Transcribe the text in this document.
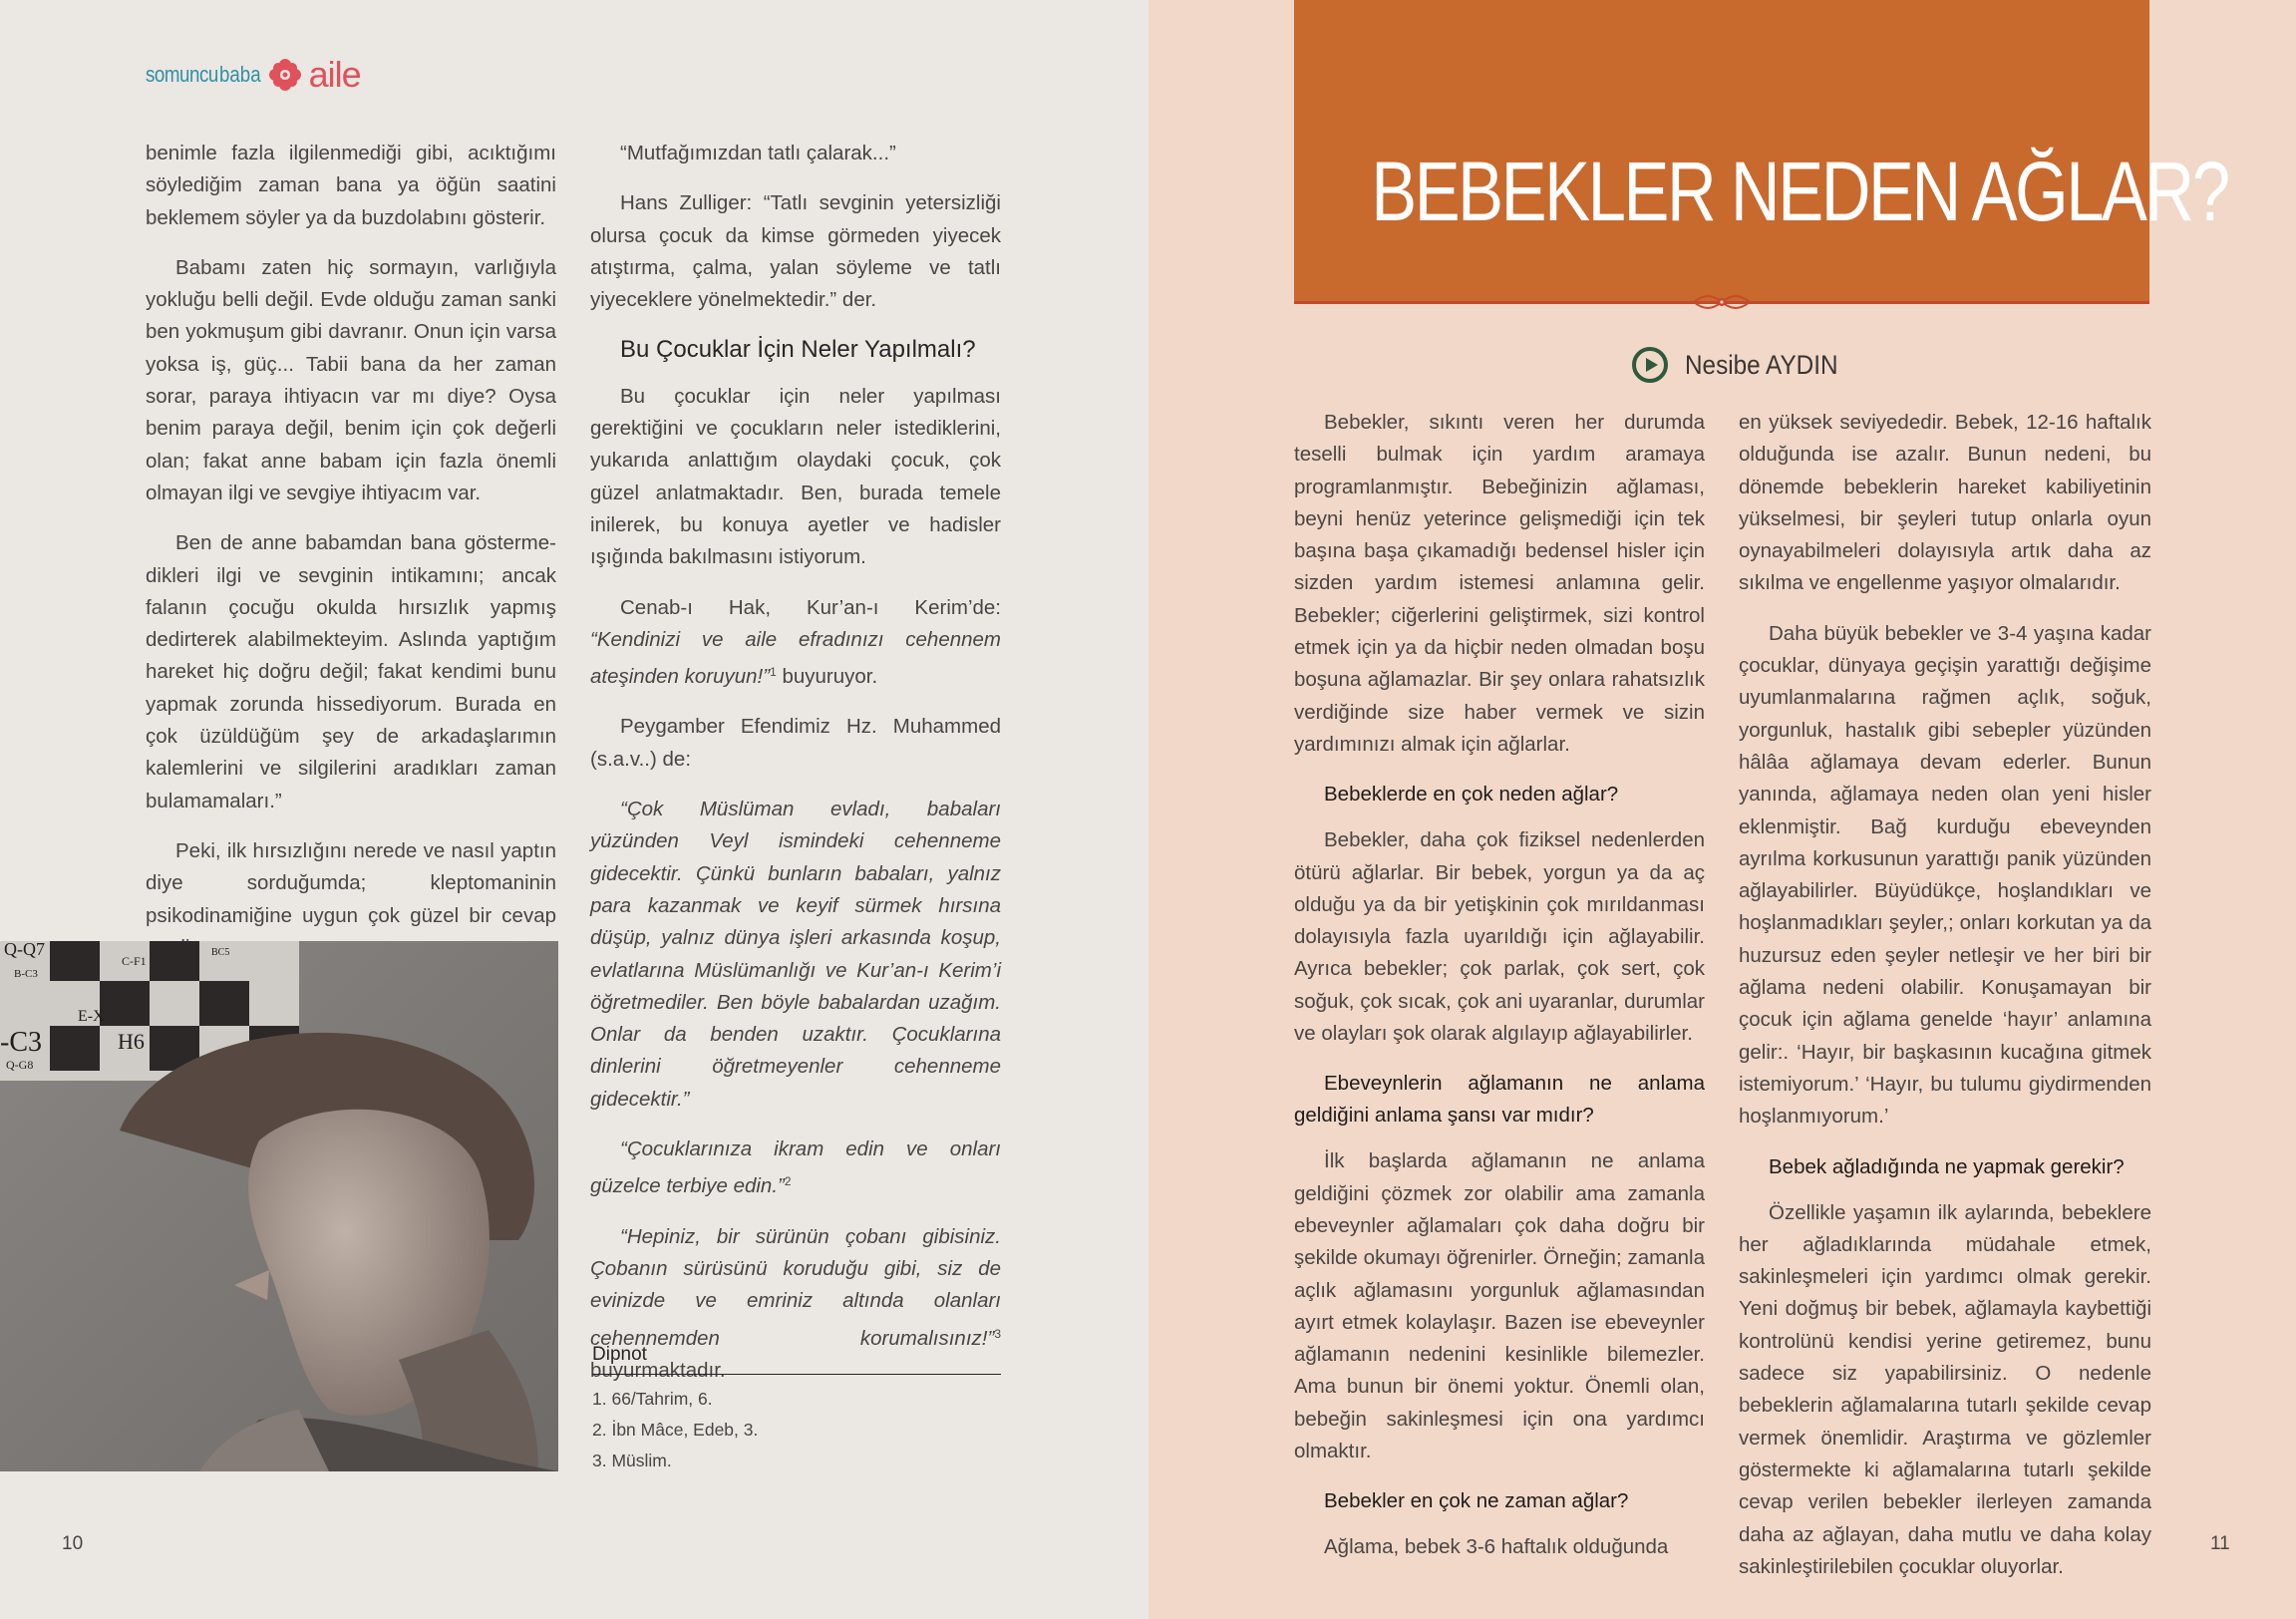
somuncubaba aile

benimle fazla ilgilenmediği gibi, acıktığımı söylediğim zaman bana ya öğün saatini beklemem söyler ya da buzdolabını gösterir.

Babamı zaten hiç sormayın, varlığıyla yokluğu belli değil. Evde olduğu zaman sanki ben yokmuşum gibi davranır. Onun için varsa yoksa iş, güç... Tabii bana da her zaman sorar, paraya ihtiyacın var mı diye? Oysa benim paraya değil, benim için çok değerli olan; fakat anne babam için fazla önemli olmayan ilgi ve sevgiye ihtiyacım var.

Ben de anne babamdan bana göstermedikleri ilgi ve sevginin intikamını; ancak falanın çocuğu okulda hırsızlık yapmış dedirterek alabilmekteyim. Aslında yaptığım hareket hiç doğru değil; fakat kendimi bunu yapmak zorunda hissediyorum. Burada en çok üzüldüğüm şey de arkadaşlarımın kalemlerini ve silgilerini aradıkları zaman bulamamaları.”

Peki, ilk hırsızlığını nerede ve nasıl yaptın diye sorduğumda; kleptomaninin psikodinamiğine uygun çok güzel bir cevap

Q-Q7
B-C3
C-F1
E-X
H6
-C3
Q-G8
BC5

“Mutfağımızdan tatlı çalarak...”

Hans Zulliger: “Tatlı sevginin yetersizliği olursa çocuk da kimse görmeden yiyecek atıştırma, çalma, yalan söyleme ve tatlı yiyeceklere yönelmektedir.” der.

Bu Çocuklar İçin Neler Yapılmalı?

Bu çocuklar için neler yapılması gerektiğini ve çocukların neler istediklerini, yukarıda anlattığım olaydaki çocuk, çok güzel anlatmaktadır. Ben, burada temele inilerek, bu konuya ayetler ve hadisler ışığında bakılmasını istiyorum.

Cenab-ı Hak, Kur’an-ı Kerim’de: “Kendinizi ve aile efradınızı cehennem ateşinden koruyun!”$^1$ buyuruyor.

Peygamber Efendimiz Hz. Muhammed (s.a.v..) de:

“Çok Müslüman evladı, babaları yüzünden Veyl ismindeki cehenneme gidecektir. Çünkü bunların babaları, yalnız para kazanmak ve keyif sürmek hırsına düşüp, yalnız dünya işleri arkasında koşup, evlatlarına Müslümanlığı ve Kur’an-ı Kerim’i öğretmediler. Ben böyle babalardan uzağım. Onlar da benden uzaktır. Çocuklarına dinlerini öğretmeyenler cehenneme gidecektir.”

“Çocuklarınıza ikram edin ve onları güzelce terbiye edin.”$^2$

“Hepiniz, bir sürünün çobanı gibisiniz. Çobanın sürüsünü koruduğu gibi, siz de evinizde ve emriniz altında olanları cehennemden korumalısınız!”$^3$ buyurmaktadır.

Dipnot
1. 66/Tahrim, 6.
2. İbn Mâce, Edeb, 3.
3. Müslim.
10
BEBEKLER NEDEN AĞLAR?
Nesibe AYDIN

Bebekler, sıkıntı veren her durumda teselli bulmak için yardım aramaya programlanmıştır. Bebeğinizin ağlaması, beyni henüz yeterince gelişmediği için tek başına başa çıkamadığı bedensel hisler için sizden yardım istemesi anlamına gelir. Bebekler; ciğerlerini geliştirmek, sizi kontrol etmek için ya da hiçbir neden olmadan boşu boşuna ağlamazlar. Bir şey onlara rahatsızlık verdiğinde size haber vermek ve sizin yardımınızı almak için ağlarlar.

Bebeklerde en çok neden ağlar?

Bebekler, daha çok fiziksel nedenlerden ötürü ağlarlar. Bir bebek, yorgun ya da aç olduğu ya da bir yetişkinin çok mırıldanması dolayısıyla fazla uyarıldığı için ağlayabilir. Ayrıca bebekler; çok parlak, çok sert, çok soğuk, çok sıcak, çok ani uyaranlar, durumlar ve olayları şok olarak algılayıp ağlayabilirler.

Ebeveynlerin ağlamanın ne anlama geldiğini anlama şansı var mıdır?

İlk başlarda ağlamanın ne anlama geldiğini çözmek zor olabilir ama zamanla ebeveynler ağlamaları çok daha doğru bir şekilde okumayı öğrenirler. Örneğin; zamanla açlık ağlamasını yorgunluk ağlamasından ayırt etmek kolaylaşır. Bazen ise ebeveynler ağlamanın nedenini kesinlikle bilemezler. Ama bunun bir önemi yoktur. Önemli olan, bebeğin sakinleşmesi için ona yardımcı olmaktır.

Bebekler en çok ne zaman ağlar?

Ağlama, bebek 3-6 haftalık olduğunda

en yüksek seviyededir. Bebek, 12-16 haftalık olduğunda ise azalır. Bunun nedeni, bu dönemde bebeklerin hareket kabiliyetinin yükselmesi, bir şeyleri tutup onlarla oyun oynayabilmeleri dolayısıyla artık daha az sıkılma ve engellenme yaşıyor olmalarıdır.

Daha büyük bebekler ve 3-4 yaşına kadar çocuklar, dünyaya geçişin yarattığı değişime uyumlanmalarına rağmen açlık, soğuk, yorgunluk, hastalık gibi sebepler yüzünden hâlâa ağlamaya devam ederler. Bunun yanında, ağlamaya neden olan yeni hisler eklenmiştir. Bağ kurduğu ebeveynden ayrılma korkusunun yarattığı panik yüzünden ağlayabilirler. Büyüdükçe, hoşlandıkları ve hoşlanmadıkları şeyler,; onları korkutan ya da huzursuz eden şeyler netleşir ve her biri bir ağlama nedeni olabilir. Konuşamayan bir çocuk için ağlama genelde ‘hayır’ anlamına gelir:. ‘Hayır, bir başkasının kucağına gitmek istemiyorum.’ ‘Hayır, bu tulumu giydirmenden hoşlanmıyorum.’

Bebek ağladığında ne yapmak gerekir?

Özellikle yaşamın ilk aylarında, bebeklere her ağladıklarında müdahale etmek, sakinleşmeleri için yardımcı olmak gerekir. Yeni doğmuş bir bebek, ağlamayla kaybettiği kontrolünü kendisi yerine getiremez, bunu sadece siz yapabilirsiniz. O nedenle bebeklerin ağlamalarına tutarlı şekilde cevap vermek önemlidir. Araştırma ve gözlemler göstermekte ki ağlamalarına tutarlı şekilde cevap verilen bebekler ilerleyen zamanda daha az ağlayan, daha mutlu ve daha kolay sakinleştirilebilen çocuklar oluyorlar.

11
